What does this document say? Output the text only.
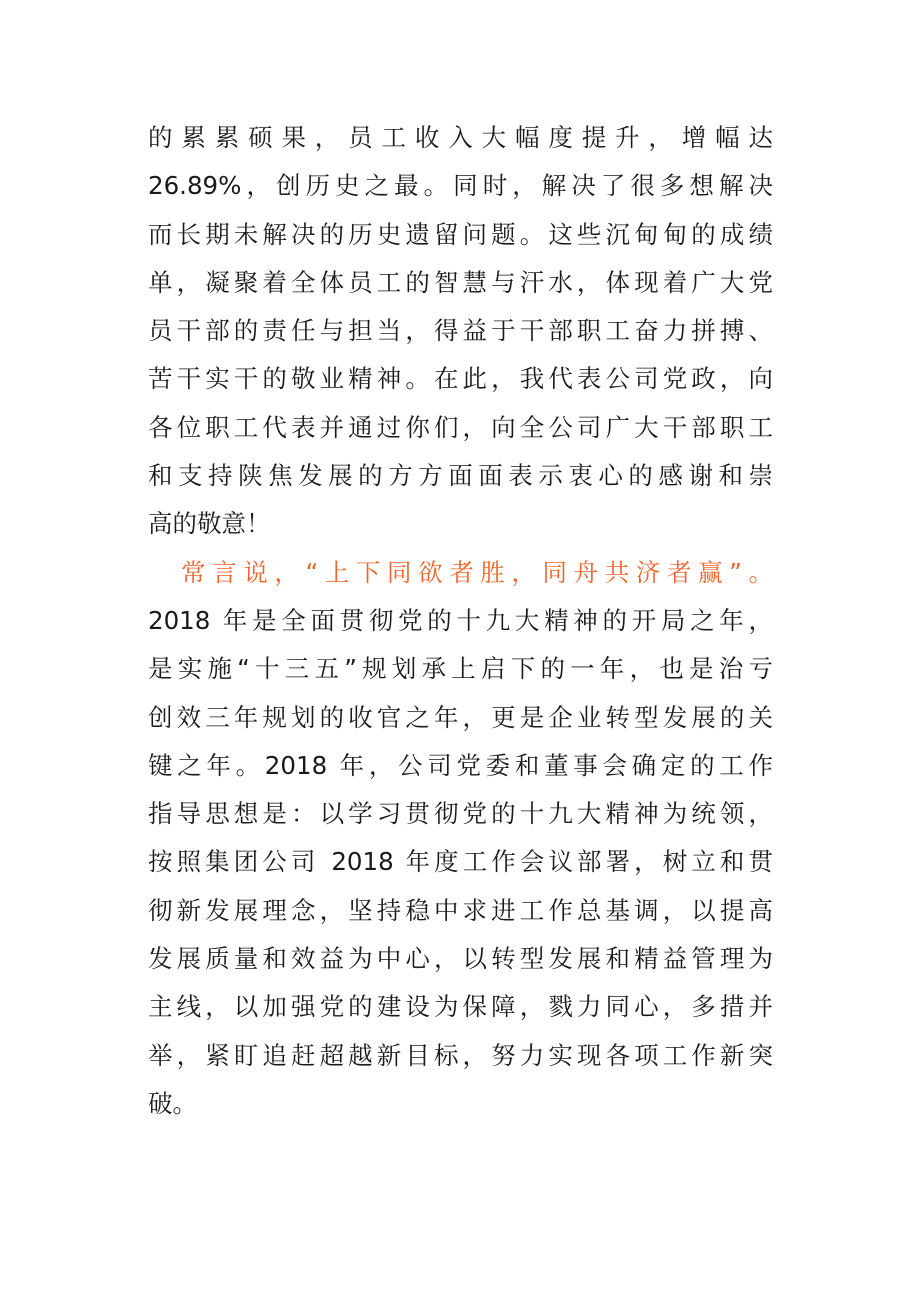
的累累硕果，员工收入大幅度提升，增幅达
26.89%，创历史之最。同时，解决了很多想解决
而长期未解决的历史遗留问题。这些沉甸甸的成绩
单，凝聚着全体员工的智慧与汗水，体现着广大党
员干部的责任与担当，得益于干部职工奋力拼搏、
苦干实干的敬业精神。在此，我代表公司党政，向
各位职工代表并通过你们，向全公司广大干部职工
和支持陕焦发展的方方面面表示衷心的感谢和崇
高的敬意！
常言说，“上下同欲者胜，同舟共济者赢”。
2018 年是全面贯彻党的十九大精神的开局之年，
是实施“十三五”规划承上启下的一年，也是治亏
创效三年规划的收官之年，更是企业转型发展的关
键之年。2018 年，公司党委和董事会确定的工作
指导思想是：以学习贯彻党的十九大精神为统领，
按照集团公司 2018 年度工作会议部署，树立和贯
彻新发展理念，坚持稳中求进工作总基调，以提高
发展质量和效益为中心，以转型发展和精益管理为
主线，以加强党的建设为保障，戮力同心，多措并
举，紧盯追赶超越新目标，努力实现各项工作新突
破。
